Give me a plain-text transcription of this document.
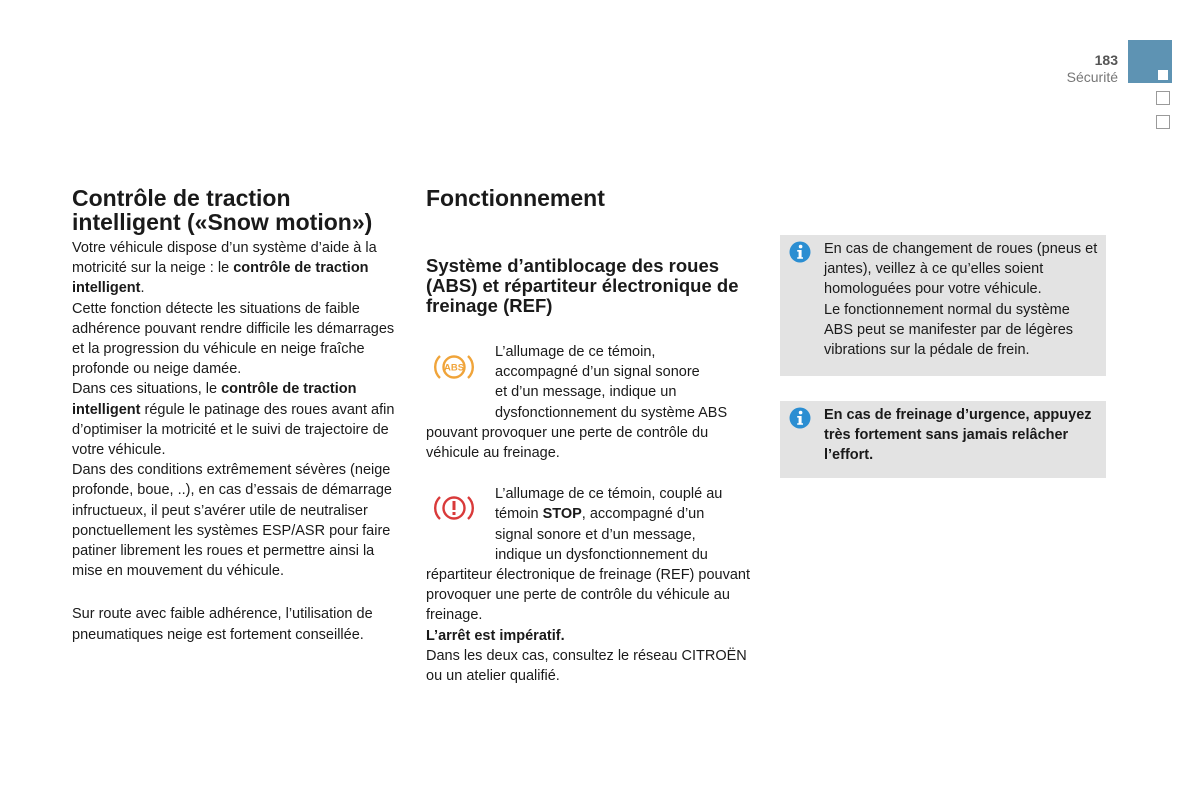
183
Sécurité
Contrôle de traction
intelligent («Snow motion»)

Votre véhicule dispose d’un système d’aide à la motricité sur la neige : le contrôle de traction intelligent.

Cette fonction détecte les situations de faible adhérence pouvant rendre difficile les démarrages et la progression du véhicule en neige fraîche profonde ou neige damée.

Dans ces situations, le contrôle de traction intelligent régule le patinage des roues avant afin d’optimiser la motricité et le suivi de trajectoire de votre véhicule.

Dans des conditions extrêmement sévères (neige profonde, boue, ..), en cas d’essais de démarrage infructueux, il peut s’avérer utile de neutraliser ponctuellement les systèmes ESP/ASR pour faire patiner librement les roues et permettre ainsi la mise en mouvement du véhicule.

Sur route avec faible adhérence, l’utilisation de pneumatiques neige est fortement conseillée.

Fonctionnement
Système d’antiblocage des roues (ABS) et répartiteur électronique de freinage (REF)
ABS
L’allumage de ce témoin,
accompagné d’un signal sonore
et d’un message, indique un
dysfonctionnement du système ABS

pouvant provoquer une perte de contrôle du véhicule au freinage.

L’allumage de ce témoin, couplé au
témoin STOP, accompagné d’un
signal sonore et d’un message,
indique un dysfonctionnement du

répartiteur électronique de freinage (REF) pouvant provoquer une perte de contrôle du véhicule au freinage.

L’arrêt est impératif.

Dans les deux cas, consultez le réseau CITROËN ou un atelier qualifié.

En cas de changement de roues (pneus et jantes), veillez à ce qu’elles soient homologuées pour votre véhicule.

Le fonctionnement normal du système ABS peut se manifester par de légères vibrations sur la pédale de frein.

En cas de freinage d’urgence, appuyez très fortement sans jamais relâcher l’effort.
